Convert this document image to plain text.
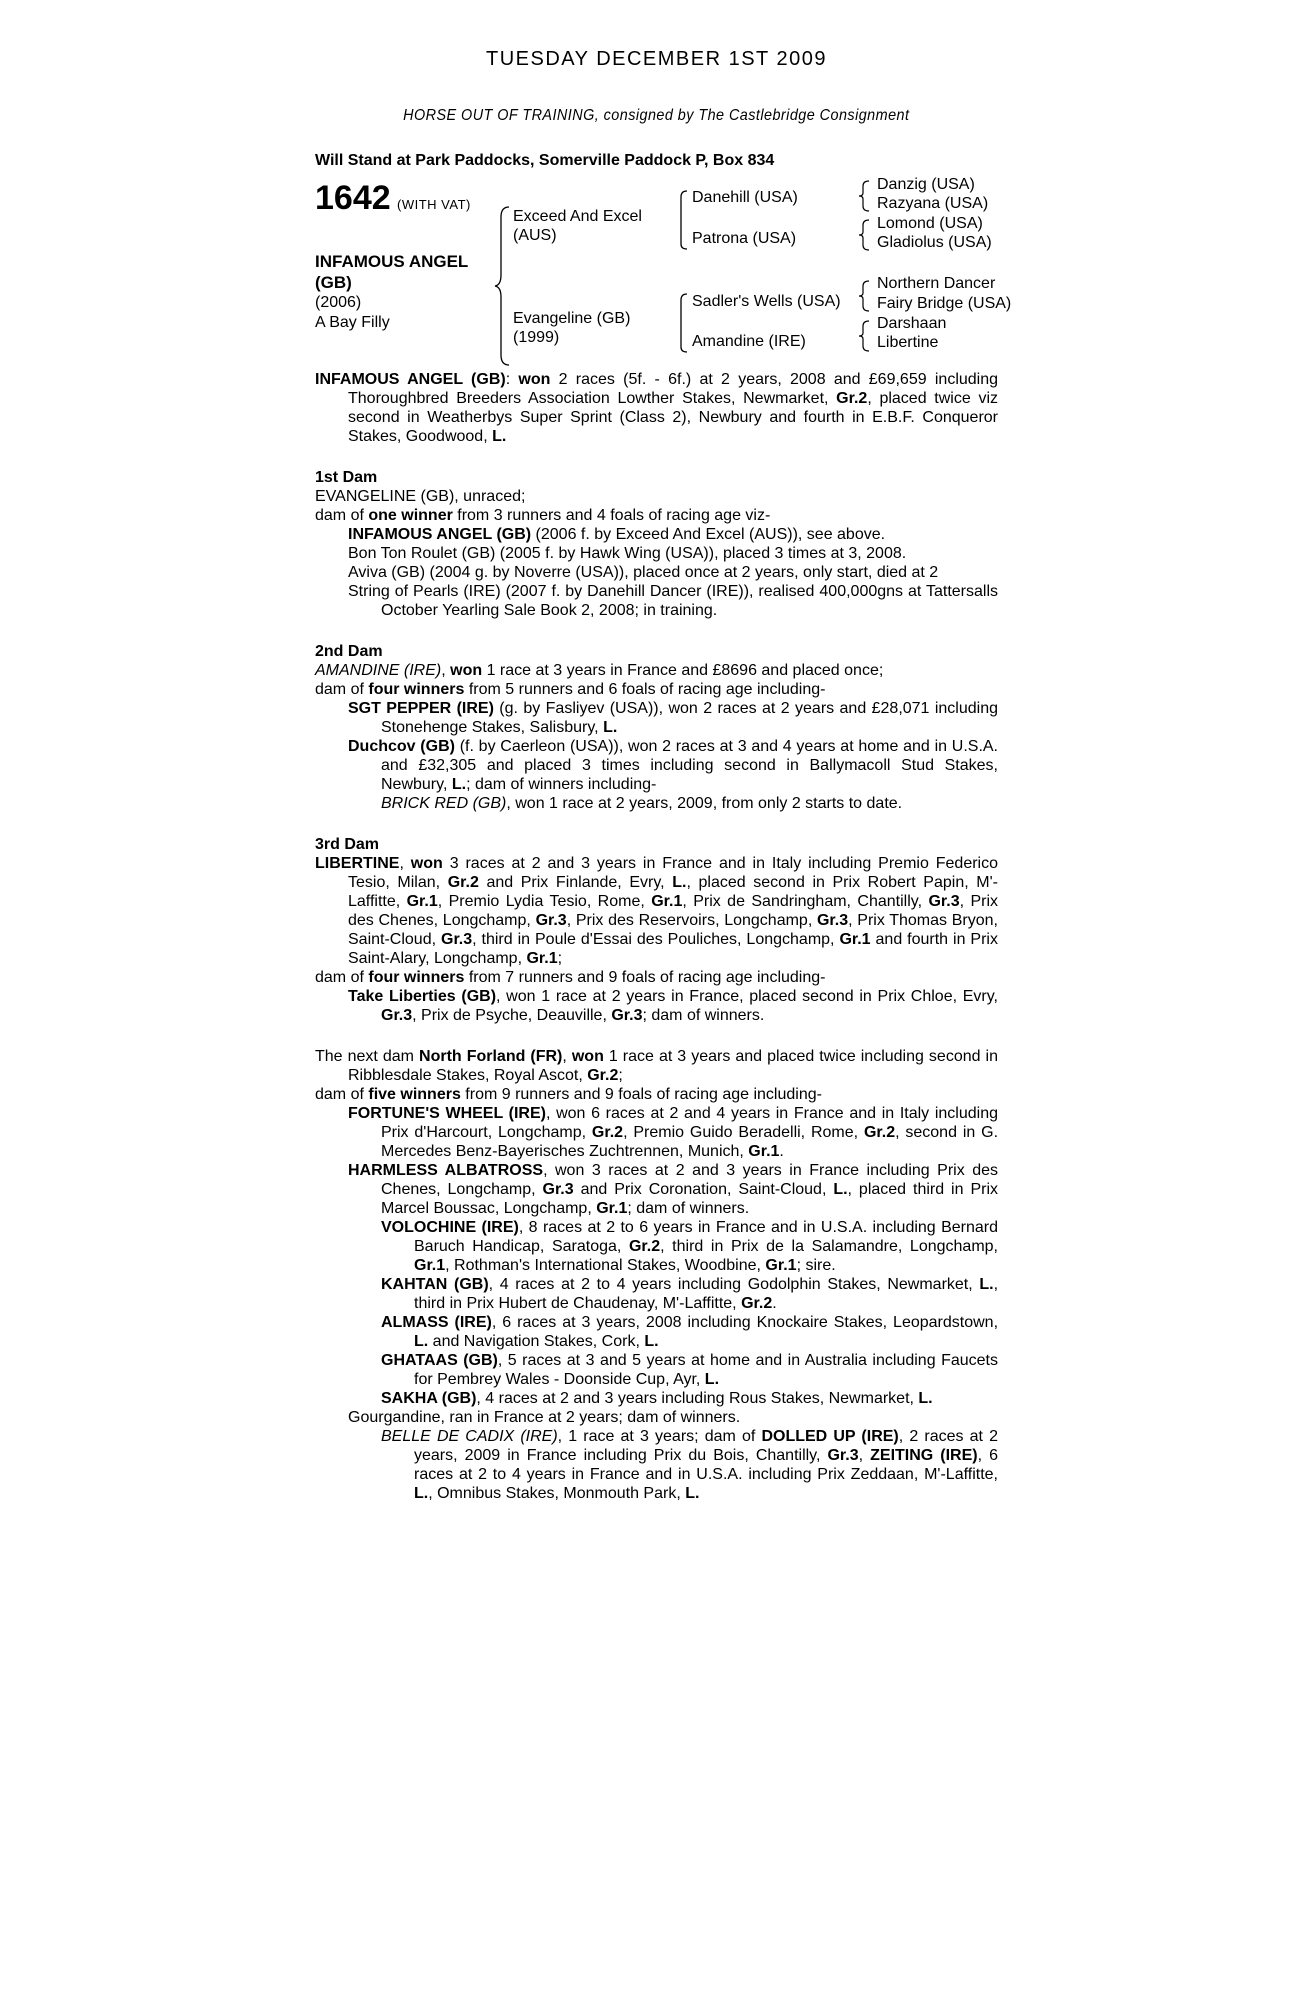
TUESDAY DECEMBER 1ST 2009
HORSE OUT OF TRAINING, consigned by The Castlebridge Consignment
Will Stand at Park Paddocks, Somerville Paddock P, Box 834
1642 (WITH VAT)
INFAMOUS ANGEL
(GB)
(2006)
A Bay Filly
Exceed And Excel
(AUS)
Evangeline (GB)
(1999)
Danehill (USA)
Patrona (USA)
Sadler's Wells (USA)
Amandine (IRE)
Danzig (USA)
Razyana (USA)
Lomond (USA)
Gladiolus (USA)
Northern Dancer
Fairy Bridge (USA)
Darshaan
Libertine
INFAMOUS ANGEL (GB): won 2 races (5f. - 6f.) at 2 years, 2008 and £69,659 including Thoroughbred Breeders Association Lowther Stakes, Newmarket, Gr.2, placed twice viz second in Weatherbys Super Sprint (Class 2), Newbury and fourth in E.B.F. Conqueror Stakes, Goodwood, L.
1st Dam
EVANGELINE (GB), unraced;
dam of one winner from 3 runners and 4 foals of racing age viz-
INFAMOUS ANGEL (GB) (2006 f. by Exceed And Excel (AUS)), see above.
Bon Ton Roulet (GB) (2005 f. by Hawk Wing (USA)), placed 3 times at 3, 2008.
Aviva (GB) (2004 g. by Noverre (USA)), placed once at 2 years, only start, died at 2
String of Pearls (IRE) (2007 f. by Danehill Dancer (IRE)), realised 400,000gns at Tattersalls October Yearling Sale Book 2, 2008; in training.
2nd Dam
AMANDINE (IRE), won 1 race at 3 years in France and £8696 and placed once;
dam of four winners from 5 runners and 6 foals of racing age including-
SGT PEPPER (IRE) (g. by Fasliyev (USA)), won 2 races at 2 years and £28,071 including Stonehenge Stakes, Salisbury, L.
Duchcov (GB) (f. by Caerleon (USA)), won 2 races at 3 and 4 years at home and in U.S.A. and £32,305 and placed 3 times including second in Ballymacoll Stud Stakes, Newbury, L.; dam of winners including-
BRICK RED (GB), won 1 race at 2 years, 2009, from only 2 starts to date.
3rd Dam
LIBERTINE, won 3 races at 2 and 3 years in France and in Italy including Premio Federico Tesio, Milan, Gr.2 and Prix Finlande, Evry, L., placed second in Prix Robert Papin, M'-Laffitte, Gr.1, Premio Lydia Tesio, Rome, Gr.1, Prix de Sandringham, Chantilly, Gr.3, Prix des Chenes, Longchamp, Gr.3, Prix des Reservoirs, Longchamp, Gr.3, Prix Thomas Bryon, Saint-Cloud, Gr.3, third in Poule d'Essai des Pouliches, Longchamp, Gr.1 and fourth in Prix Saint-Alary, Longchamp, Gr.1;
dam of four winners from 7 runners and 9 foals of racing age including-
Take Liberties (GB), won 1 race at 2 years in France, placed second in Prix Chloe, Evry, Gr.3, Prix de Psyche, Deauville, Gr.3; dam of winners.
The next dam North Forland (FR), won 1 race at 3 years and placed twice including second in Ribblesdale Stakes, Royal Ascot, Gr.2;
dam of five winners from 9 runners and 9 foals of racing age including-
FORTUNE'S WHEEL (IRE), won 6 races at 2 and 4 years in France and in Italy including Prix d'Harcourt, Longchamp, Gr.2, Premio Guido Beradelli, Rome, Gr.2, second in G. Mercedes Benz-Bayerisches Zuchtrennen, Munich, Gr.1.
HARMLESS ALBATROSS, won 3 races at 2 and 3 years in France including Prix des Chenes, Longchamp, Gr.3 and Prix Coronation, Saint-Cloud, L., placed third in Prix Marcel Boussac, Longchamp, Gr.1; dam of winners.
VOLOCHINE (IRE), 8 races at 2 to 6 years in France and in U.S.A. including Bernard Baruch Handicap, Saratoga, Gr.2, third in Prix de la Salamandre, Longchamp, Gr.1, Rothman's International Stakes, Woodbine, Gr.1; sire.
KAHTAN (GB), 4 races at 2 to 4 years including Godolphin Stakes, Newmarket, L., third in Prix Hubert de Chaudenay, M'-Laffitte, Gr.2.
ALMASS (IRE), 6 races at 3 years, 2008 including Knockaire Stakes, Leopardstown, L. and Navigation Stakes, Cork, L.
GHATAAS (GB), 5 races at 3 and 5 years at home and in Australia including Faucets for Pembrey Wales - Doonside Cup, Ayr, L.
SAKHA (GB), 4 races at 2 and 3 years including Rous Stakes, Newmarket, L.
Gourgandine, ran in France at 2 years; dam of winners.
BELLE DE CADIX (IRE), 1 race at 3 years; dam of DOLLED UP (IRE), 2 races at 2 years, 2009 in France including Prix du Bois, Chantilly, Gr.3, ZEITING (IRE), 6 races at 2 to 4 years in France and in U.S.A. including Prix Zeddaan, M'-Laffitte, L., Omnibus Stakes, Monmouth Park, L.
